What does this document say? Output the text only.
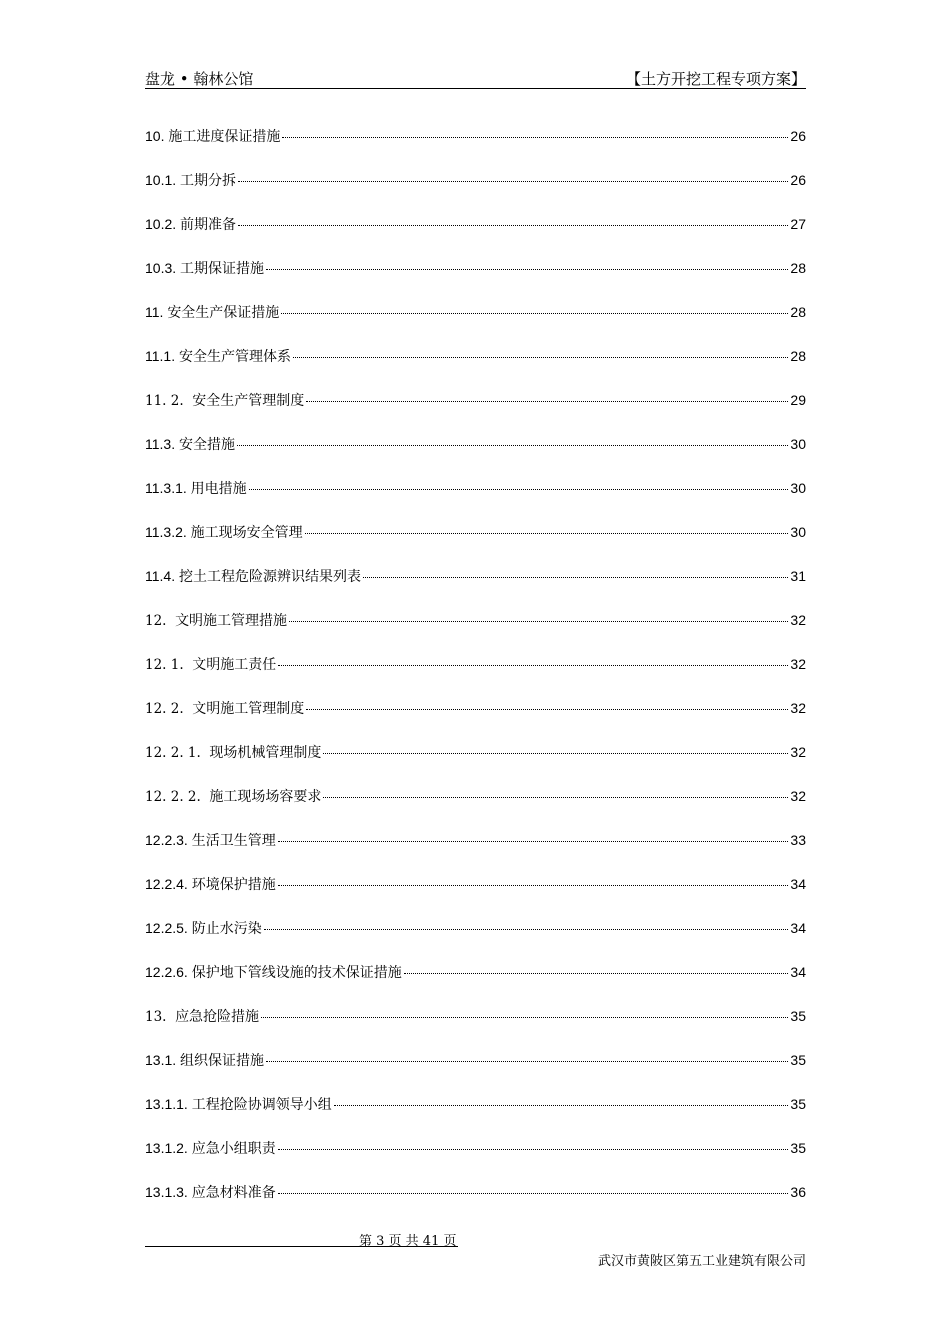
盘龙 • 翰林公馆	【土方开挖工程专项方案】
10. 施工进度保证措施	26
10.1. 工期分拆	26
10.2. 前期准备	27
10.3. 工期保证措施	28
11. 安全生产保证措施	28
11.1. 安全生产管理体系	28
11. 2. 安全生产管理制度	29
11.3. 安全措施	30
11.3.1. 用电措施	30
11.3.2. 施工现场安全管理	30
11.4. 挖土工程危险源辨识结果列表	31
12. 文明施工管理措施	32
12. 1. 文明施工责任	32
12. 2. 文明施工管理制度	32
12. 2. 1. 现场机械管理制度	32
12. 2. 2. 施工现场场容要求	32
12.2.3. 生活卫生管理	33
12.2.4. 环境保护措施	34
12.2.5. 防止水污染	34
12.2.6. 保护地下管线设施的技术保证措施	34
13. 应急抢险措施	35
13.1. 组织保证措施	35
13.1.1. 工程抢险协调领导小组	35
13.1.2. 应急小组职责	35
13.1.3. 应急材料准备	36
第 3 页 共 41 页
武汉市黄陂区第五工业建筑有限公司
